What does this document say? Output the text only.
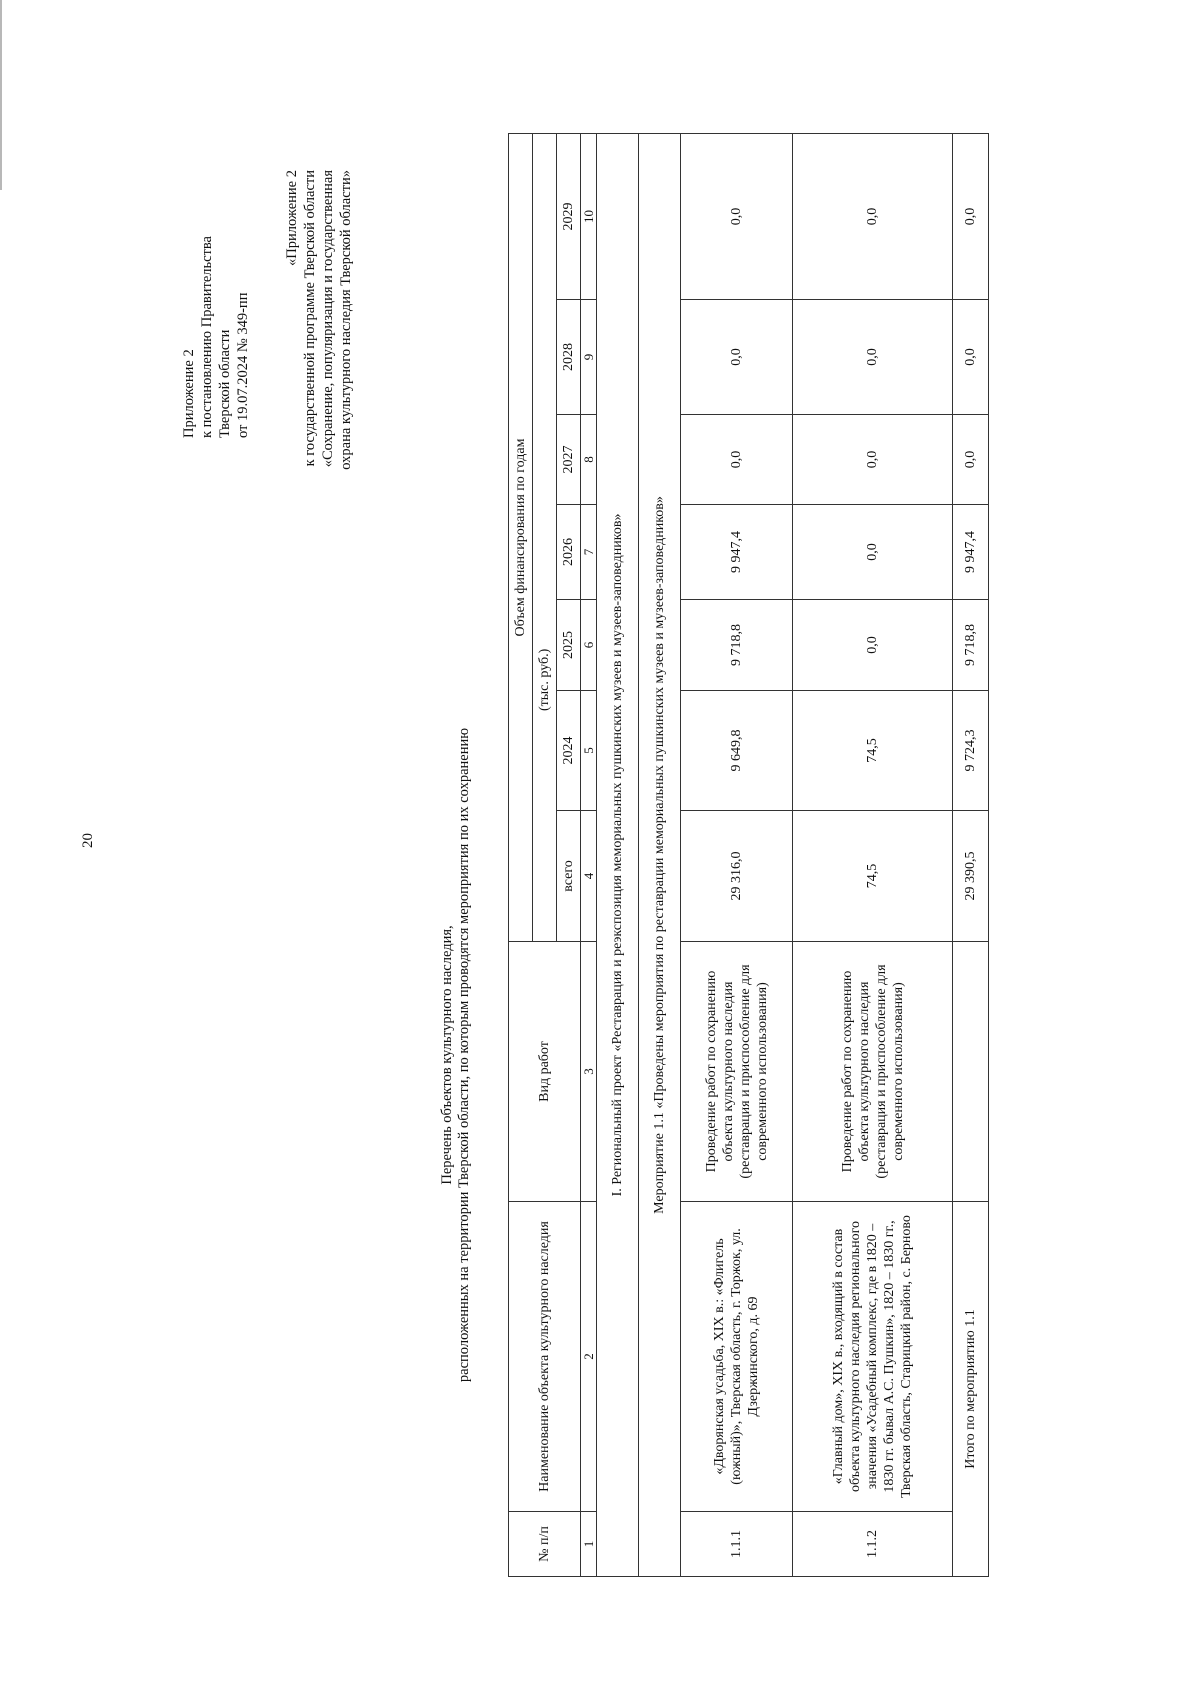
20
Приложение 2 к постановлению Правительства Тверской области от 19.07.2024 № 349-пп
«Приложение 2 к государственной программе Тверской области «Сохранение, популяризация и государственная охрана культурного наследия Тверской области»
Перечень объектов культурного наследия, расположенных на территории Тверской области, по которым проводятся мероприятия по их сохранению
№ п/п	Наименование объекта культурного наследия	Вид работ	Объем финансирования по годам						
			(тыс. руб.)						
			всего	2024	2025	2026	2027	2028	2029
1	2	3	4	5	6	7	8	9	10
I. Региональный проект «Реставрация и реэкспозиция мемориальных пушкинских музеев и музеев-заповедников»									
Мероприятие 1.1 «Проведены мероприятия по реставрации мемориальных пушкинских музеев и музеев-заповедников»									
1.1.1	«Дворянская усадьба, XIX в.: «Флигель (южный)», Тверская область, г. Торжок, ул. Дзержинского, д. 69	Проведение работ по сохранению объекта культурного наследия (реставрация и приспособление для современного использования)	29 316,0	9 649,8	9 718,8	9 947,4	0,0	0,0	0,0
1.1.2	«Главный дом», XIX в., входящий в состав объекта культурного наследия регионального значения «Усадебный комплекс, где в 1820 – 1830 гг. бывал А.С. Пушкин», 1820 – 1830 гг., Тверская область, Старицкий район, с. Берново	Проведение работ по сохранению объекта культурного наследия (реставрация и приспособление для современного использования)	74,5	74,5	0,0	0,0	0,0	0,0	0,0
Итого по мероприятию 1.1			29 390,5	9 724,3	9 718,8	9 947,4	0,0	0,0	0,0
